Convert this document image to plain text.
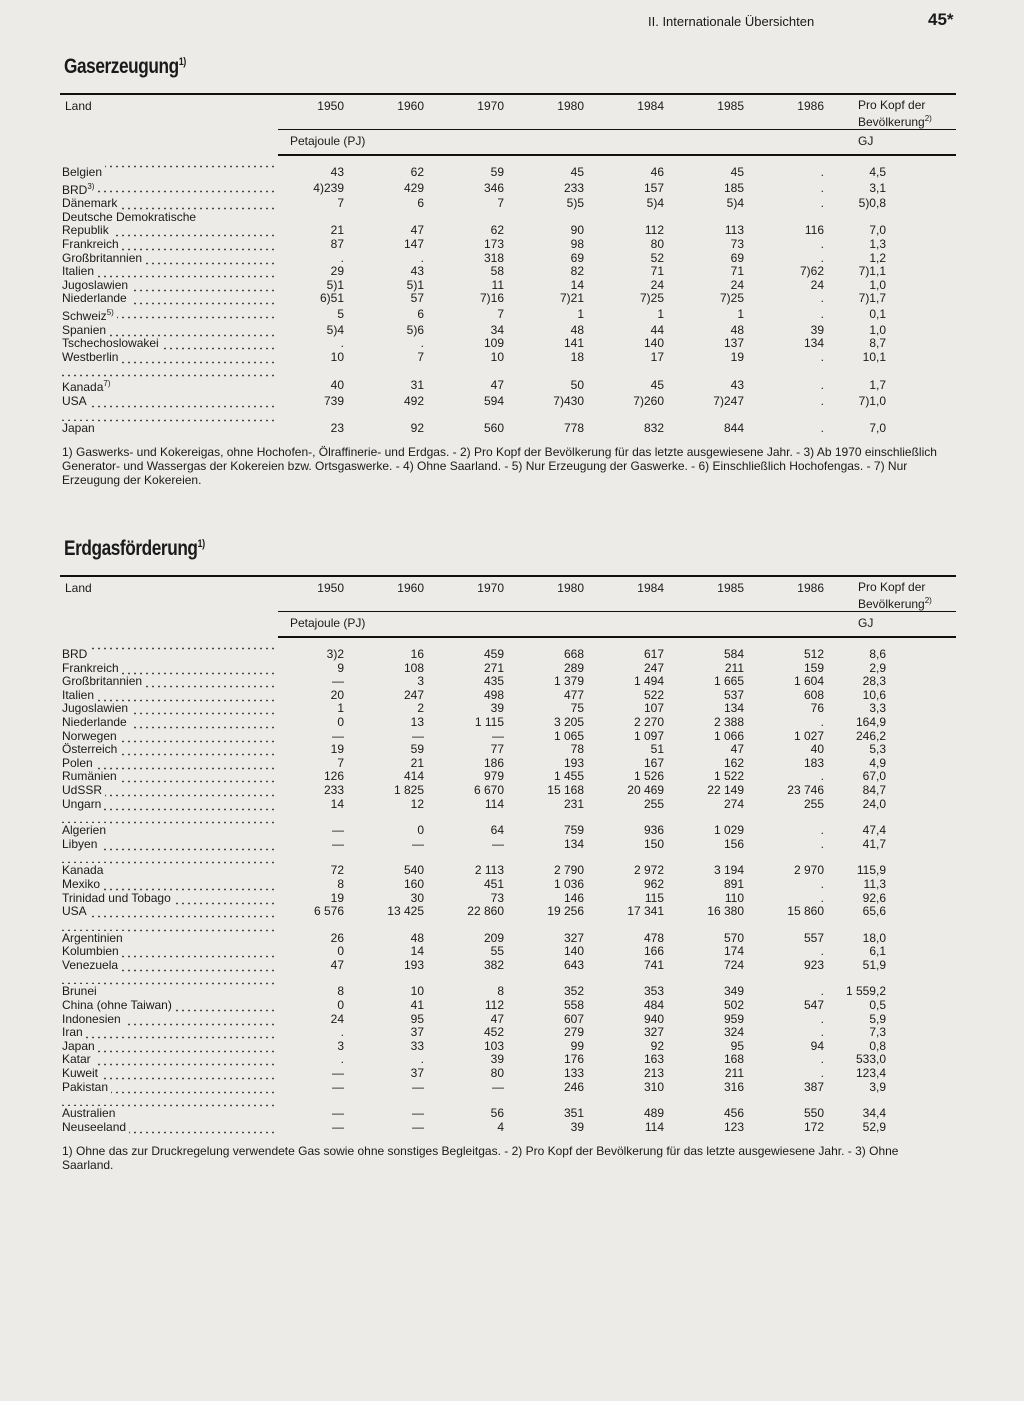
II. Internationale Übersichten	45*
Gaserzeugung$^{1)}$
Land	1950	1960	1970	1980	1984	1985	1986	Pro Kopf der
Bevölkerung$^{2)}$
	Petajoule (PJ)							GJ
Belgien	43	62	59	45	46	45	.	4,5
BRD$^{3)}$	4)239	429	346	233	157	185	.	3,1
Dänemark	7	6	7	5)5	5)4	5)4	.	5)0,8
Deutsche Demokratische								
Republik	21	47	62	90	112	113	116	7,0
Frankreich	87	147	173	98	80	73	.	1,3
Großbritannien	.	.	318	69	52	69	.	1,2
Italien	29	43	58	82	71	71	7)62	7)1,1
Jugoslawien	5)1	5)1	11	14	24	24	24	1,0
Niederlande	6)51	57	7)16	7)21	7)25	7)25	.	7)1,7
Schweiz$^{5)}$	5	6	7	1	1	1	.	0,1
Spanien	5)4	5)6	34	48	44	48	39	1,0
Tschechoslowakei	.	.	109	141	140	137	134	8,7
Westberlin	10	7	10	18	17	19	.	10,1
Kanada$^{7)}$	40	31	47	50	45	43	.	1,7
USA	739	492	594	7)430	7)260	7)247	.	7)1,0
Japan	23	92	560	778	832	844	.	7,0
1) Gaswerks- und Kokereigas, ohne Hochofen-, Ölraffinerie- und Erdgas. - 2) Pro Kopf der Bevölkerung für das letzte ausgewiesene Jahr. - 3) Ab 1970 einschließlich Generator- und Wassergas der Kokereien bzw. Ortsgaswerke. - 4) Ohne Saarland. - 5) Nur Erzeugung der Gaswerke. - 6) Einschließlich Hochofengas. - 7) Nur Erzeugung der Kokereien.
Erdgasförderung$^{1)}$
Land	1950	1960	1970	1980	1984	1985	1986	Pro Kopf der
Bevölkerung$^{2)}$
	Petajoule (PJ)							GJ
BRD	3)2	16	459	668	617	584	512	8,6
Frankreich	9	108	271	289	247	211	159	2,9
Großbritannien	—	3	435	1 379	1 494	1 665	1 604	28,3
Italien	20	247	498	477	522	537	608	10,6
Jugoslawien	1	2	39	75	107	134	76	3,3
Niederlande	0	13	1 115	3 205	2 270	2 388	.	164,9
Norwegen	—	—	—	1 065	1 097	1 066	1 027	246,2
Österreich	19	59	77	78	51	47	40	5,3
Polen	7	21	186	193	167	162	183	4,9
Rumänien	126	414	979	1 455	1 526	1 522	.	67,0
UdSSR	233	1 825	6 670	15 168	20 469	22 149	23 746	84,7
Ungarn	14	12	114	231	255	274	255	24,0
Algerien	—	0	64	759	936	1 029	.	47,4
Libyen	—	—	—	134	150	156	.	41,7
Kanada	72	540	2 113	2 790	2 972	3 194	2 970	115,9
Mexiko	8	160	451	1 036	962	891	.	11,3
Trinidad und Tobago	19	30	73	146	115	110	.	92,6
USA	6 576	13 425	22 860	19 256	17 341	16 380	15 860	65,6
Argentinien	26	48	209	327	478	570	557	18,0
Kolumbien	0	14	55	140	166	174	.	6,1
Venezuela	47	193	382	643	741	724	923	51,9
Brunei	8	10	8	352	353	349	.	1 559,2
China (ohne Taiwan)	0	41	112	558	484	502	547	0,5
Indonesien	24	95	47	607	940	959	.	5,9
Iran	.	37	452	279	327	324	.	7,3
Japan	3	33	103	99	92	95	94	0,8
Katar	.	.	39	176	163	168	.	533,0
Kuweit	—	37	80	133	213	211	.	123,4
Pakistan	—	—	—	246	310	316	387	3,9
Australien	—	—	56	351	489	456	550	34,4
Neuseeland	—	—	4	39	114	123	172	52,9
1) Ohne das zur Druckregelung verwendete Gas sowie ohne sonstiges Begleitgas. - 2) Pro Kopf der Bevölkerung für das letzte ausgewiesene Jahr. - 3) Ohne Saarland.
